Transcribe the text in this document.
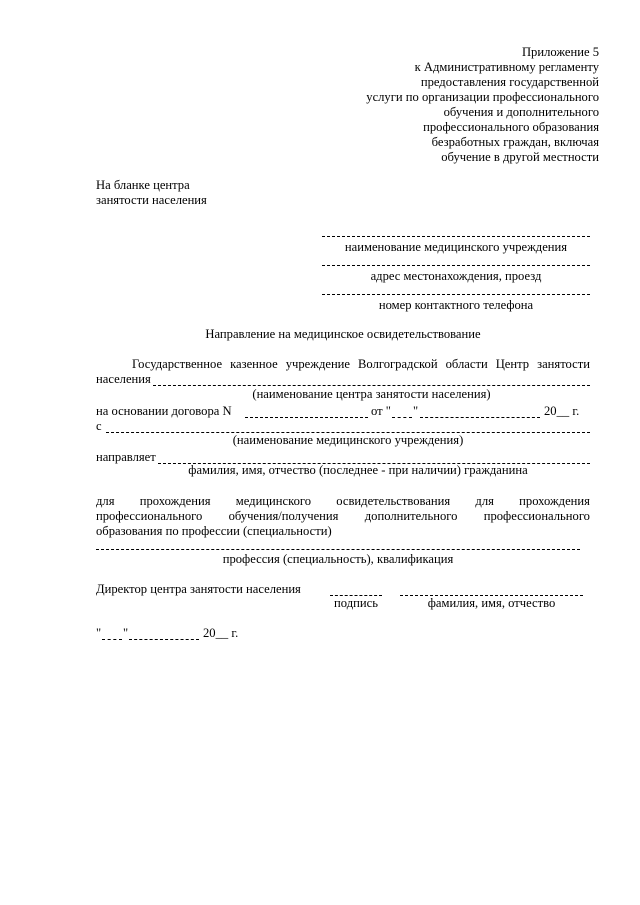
Приложение 5
к Административному регламенту
предоставления государственной
услуги по организации профессионального
обучения и дополнительного
профессионального образования
безработных граждан, включая
обучение в другой местности
На бланке центра
занятости населения
наименование медицинского учреждения
адрес местонахождения, проезд
номер контактного телефона
Направление на медицинское освидетельствование
Государственное казенное учреждение Волгоградской области Центр занятости
населения
(наименование центра занятости населения)
на основании договора N	от " "	20__ г.
с
(наименование медицинского учреждения)
направляет
фамилия, имя, отчество (последнее - при наличии) гражданина
для прохождения медицинского освидетельствования для прохождения
профессионального обучения/получения дополнительного профессионального
образования по профессии (специальности)
профессия (специальность), квалификация
Директор центра занятости населения
подпись	фамилия, имя, отчество
" "	20__ г.
